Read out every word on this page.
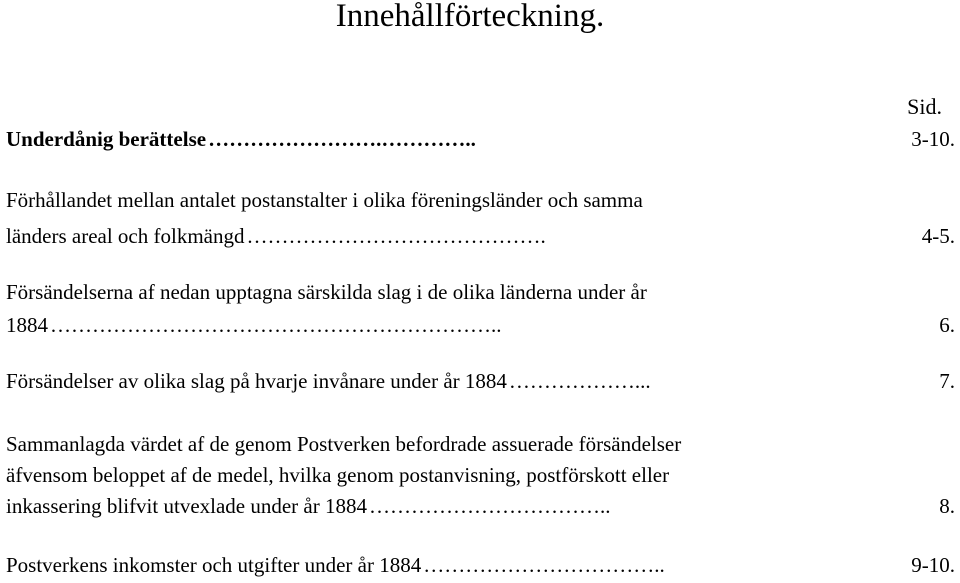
Innehållförteckning.
Sid.
Underdånig berättelse …………………….…………..	3-10.
Förhållandet mellan antalet postanstalter i olika föreningsländer och samma
länders areal och folkmängd …………………………………….	4-5.
Försändelserna af nedan upptagna särskilda slag i de olika länderna under år
1884 ………………………………………………………..	6.
Försändelser av olika slag på hvarje invånare under år 1884 ………………...	7.
Sammanlagda värdet af de genom Postverken befordrade assuerade försändelser
äfvensom beloppet af de medel, hvilka genom postanvisning, postförskott eller
inkassering blifvit utvexlade under år 1884 ……………………………..	8.
Postverkens inkomster och utgifter under år 1884 ……………………………..	9-10.
